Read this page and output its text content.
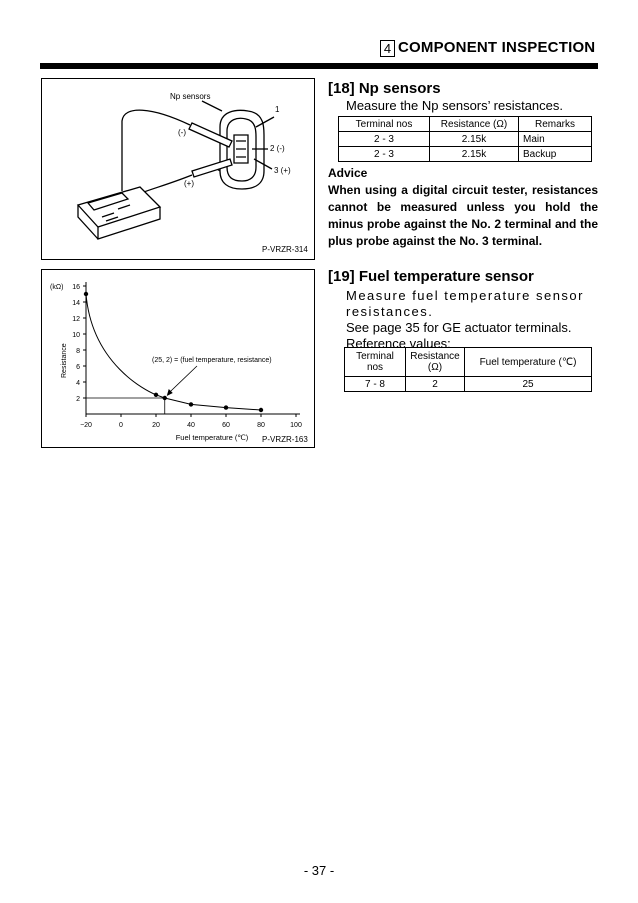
4 COMPONENT INSPECTION
Np sensors
1
(-)
2 (-)
3 (+)
(+)
P-VRZR-314
2
4
6
8
10
12
14
16
−20	0	20	40	60	80	100
(kΩ)
Resistance
Fuel temperature (℃)
(25, 2) = (fuel temperature, resistance)
P-VRZR-163
[18] Np sensors
Measure the Np sensors’ resistances.
Terminal nos	Resistance (Ω)	Remarks
2 - 3	2.15k	Main
2 - 3	2.15k	Backup
Advice
When using a digital circuit tester, resistances cannot be measured unless you hold the minus probe against the No. 2 terminal and the plus probe against the No. 3 terminal.
[19] Fuel temperature sensor
Measure fuel temperature sensor resistances.
See page 35 for GE actuator terminals.
Reference values:
Terminal nos	Resistance (Ω)	Fuel temperature (℃)
7 - 8	2	25
- 37 -
